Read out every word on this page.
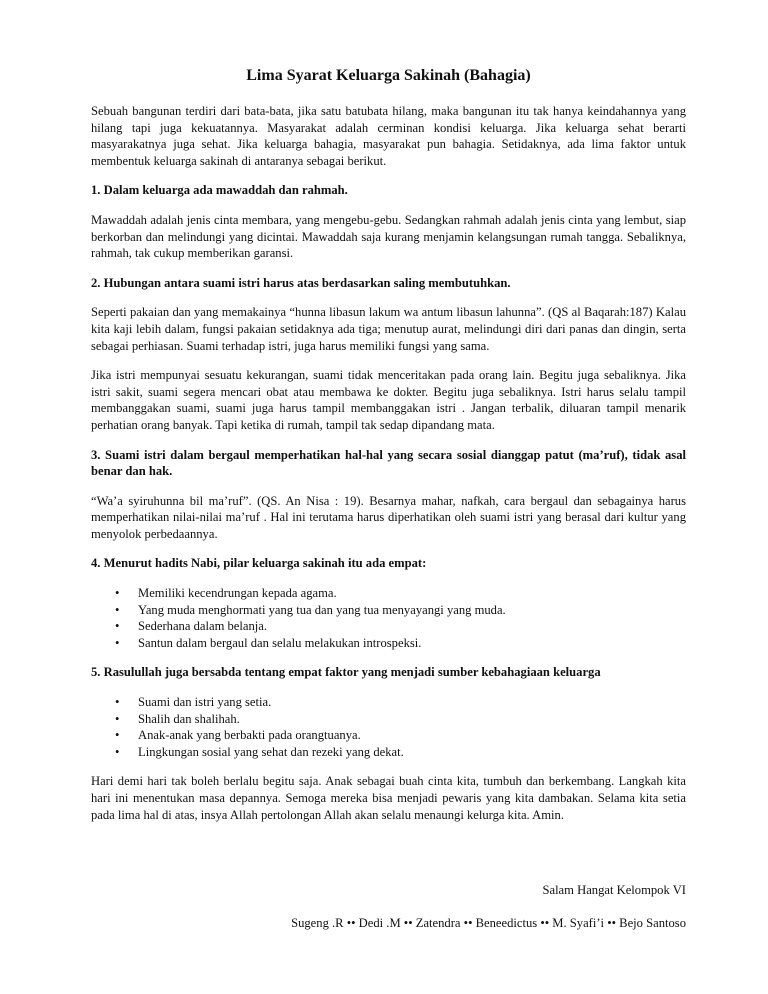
Lima Syarat Keluarga Sakinah (Bahagia)

Sebuah bangunan terdiri dari bata-bata, jika satu batubata hilang, maka bangunan itu tak hanya keindahannya yang hilang tapi juga kekuatannya. Masyarakat adalah cerminan kondisi keluarga. Jika keluarga sehat berarti masyarakatnya juga sehat. Jika keluarga bahagia, masyarakat pun bahagia. Setidaknya, ada lima faktor untuk membentuk keluarga sakinah di antaranya sebagai berikut.

1. Dalam keluarga ada mawaddah dan rahmah.

Mawaddah adalah jenis cinta membara, yang mengebu-gebu. Sedangkan rahmah adalah jenis cinta yang lembut, siap berkorban dan melindungi yang dicintai. Mawaddah saja kurang menjamin kelangsungan rumah tangga. Sebaliknya, rahmah, tak cukup memberikan garansi.

2. Hubungan antara suami istri harus atas berdasarkan saling membutuhkan.

Seperti pakaian dan yang memakainya “hunna libasun lakum wa antum libasun lahunna”. (QS al Baqarah:187) Kalau kita kaji lebih dalam, fungsi pakaian setidaknya ada tiga; menutup aurat, melindungi diri dari panas dan dingin, serta sebagai perhiasan. Suami terhadap istri, juga harus memiliki fungsi yang sama.

Jika istri mempunyai sesuatu kekurangan, suami tidak menceritakan pada orang lain. Begitu juga sebaliknya. Jika istri sakit, suami segera mencari obat atau membawa ke dokter. Begitu juga sebaliknya. Istri harus selalu tampil membanggakan suami, suami juga harus tampil membanggakan istri . Jangan terbalik, diluaran tampil menarik perhatian orang banyak. Tapi ketika di rumah, tampil tak sedap dipandang mata.

3. Suami istri dalam bergaul memperhatikan hal-hal yang secara sosial dianggap patut (ma’ruf), tidak asal benar dan hak.

“Wa’a syiruhunna bil ma’ruf”. (QS. An Nisa : 19). Besarnya mahar, nafkah, cara bergaul dan sebagainya harus memperhatikan nilai-nilai ma’ruf . Hal ini terutama harus diperhatikan oleh suami istri yang berasal dari kultur yang menyolok perbedaannya.

4. Menurut hadits Nabi, pilar keluarga sakinah itu ada empat:
• Memiliki kecendrungan kepada agama.
• Yang muda menghormati yang tua dan yang tua menyayangi yang muda.
• Sederhana dalam belanja.
• Santun dalam bergaul dan selalu melakukan introspeksi.
5. Rasulullah juga bersabda tentang empat faktor yang menjadi sumber kebahagiaan keluarga
• Suami dan istri yang setia.
• Shalih dan shalihah.
• Anak-anak yang berbakti pada orangtuanya.
• Lingkungan sosial yang sehat dan rezeki yang dekat.

Hari demi hari tak boleh berlalu begitu saja. Anak sebagai buah cinta kita, tumbuh dan berkembang. Langkah kita hari ini menentukan masa depannya. Semoga mereka bisa menjadi pewaris yang kita dambakan. Selama kita setia pada lima hal di atas, insya Allah pertolongan Allah akan selalu menaungi kelurga kita. Amin.

Salam Hangat Kelompok VI
Sugeng .R •• Dedi .M •• Zatendra •• Beneedictus •• M. Syafi’i •• Bejo Santoso
